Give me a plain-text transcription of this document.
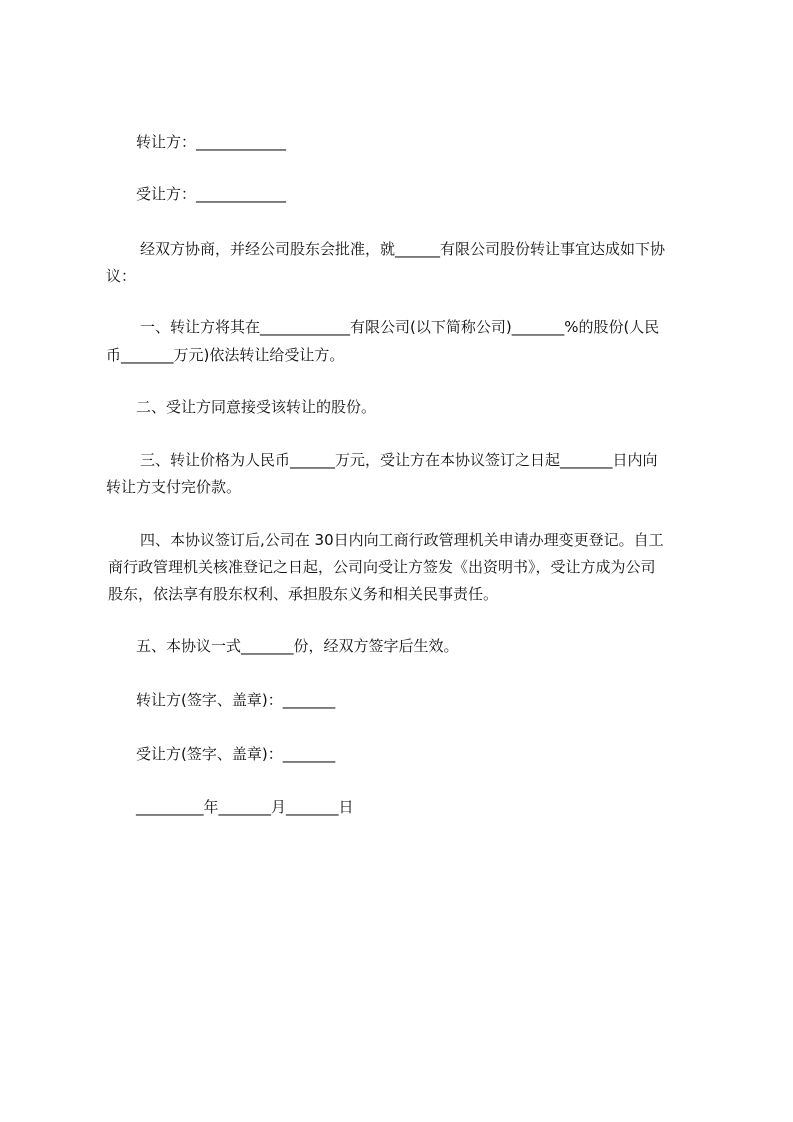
转让方：____________
受让方：____________
经双方协商，并经公司股东会批准，就______有限公司股份转让事宜达成如下协
议：
一、转让方将其在____________有限公司(以下简称公司)_______%的股份(人民
币_______万元)依法转让给受让方。
二、受让方同意接受该转让的股份。
三、转让价格为人民币______万元，受让方在本协议签订之日起_______日内向
转让方支付完价款。
四、本协议签订后,公司在 30日内向工商行政管理机关申请办理变更登记。自工
商行政管理机关核准登记之日起，公司向受让方签发《出资明书》，受让方成为公司
股东，依法享有股东权利、承担股东义务和相关民事责任。
五、本协议一式_______份，经双方签字后生效。
转让方(签字、盖章)：_______
受让方(签字、盖章)：_______
_________年_______月_______日
